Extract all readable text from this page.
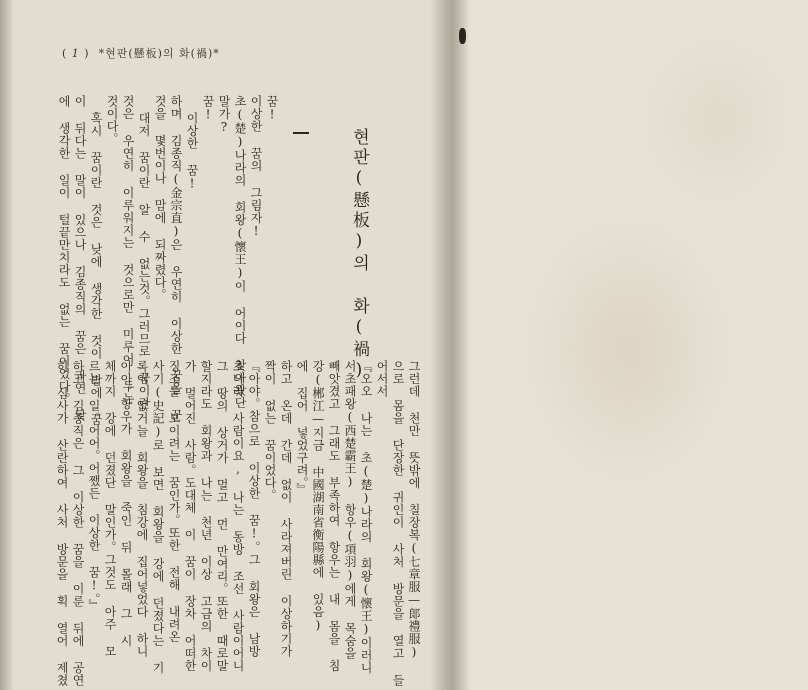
( 1 )  *현판(懸板)의 화(禍)*
현판(懸板)의 화(禍)
꿈!
이상한 꿈의 그림자!
초(楚)나라의 회왕(懷王)이 어이다 찾아왔단
말가?
꿈!
이상한 꿈!
하며 김종직(金宗直)은 우연히 이상한 꿈을 꾼
것을 몇번이나 맘에 되짜렸다。
대저 꿈이란 알 수 없는것。그러므로 꿈이란
것은 우연히 이루워지는 것으로만 미루어 두는
것이다。
혹시 꿈이란 것은 낮에 생각한 것이 밤에 꿈
이 뒤다는 말이 있으나 김종직의 꿈은 과연 낮
에 생각한 일이 털끝만치라도 없는 꿈이었다。
그런데 천만 뜻밖에 칠장복(七章服—郞禮服)
으로 몸을 단장한 귀인이 사처 방문을 열고 들
어서서
『오오 나는 초(楚)나라의 회왕(懷王)이러니
서초패왕(西楚霸王) 항우(項羽)에게 목숨을
빼앗겼고 그래도 부족하여 항우는 내 몸을 침
강(郴江—지금 中國湖南省衡陽縣에 있음)
에 집어 넣었구려。』
하고 온데 간데 없이 사라져버린 이상하기가
짝이 없는 꿈이었다。
『아야。참으로 이상한 꿈!。그 회왕은 남방
초나라 사람이요, 나는 동방 조선 사람이어니
그 땅의 상거가 멀고 먼 만여리。또한 때로말
할지라도 회왕과 나는 천년 이상 고금의 차이
가 멀어진 사람。도대체 이 꿈이 장차 어떠한
징조를 보이려는 꿈인가。또한 전해 내려온
사기(史記)로 보면 회왕을 강에 던졌다는 기
록이 없거늘 회왕을 침강에 집어넣었다 하니
아아。항우가 회왕을 죽인 뒤 몰래 그 시
체까지 강에 던졌단 말인가。그것도 아주 모
르는 일。어어。어쨌든 이상한 꿈!。』
하고 김종직은 그 이상한 꿈을 이룬 뒤에 공연
히 심사가 산란하여 사처 방문을 획 열어 제쳤
